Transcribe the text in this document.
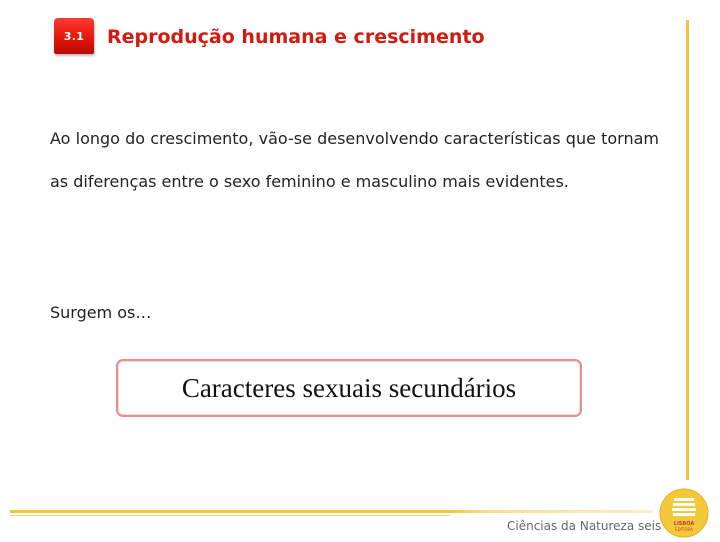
3.1 Reprodução humana e crescimento
Ao longo do crescimento, vão-se desenvolvendo características que tornam as diferenças entre o sexo feminino e masculino mais evidentes.
Surgem os…
Caracteres sexuais secundários
Ciências da Natureza seis	LISBOA
EDITORA
